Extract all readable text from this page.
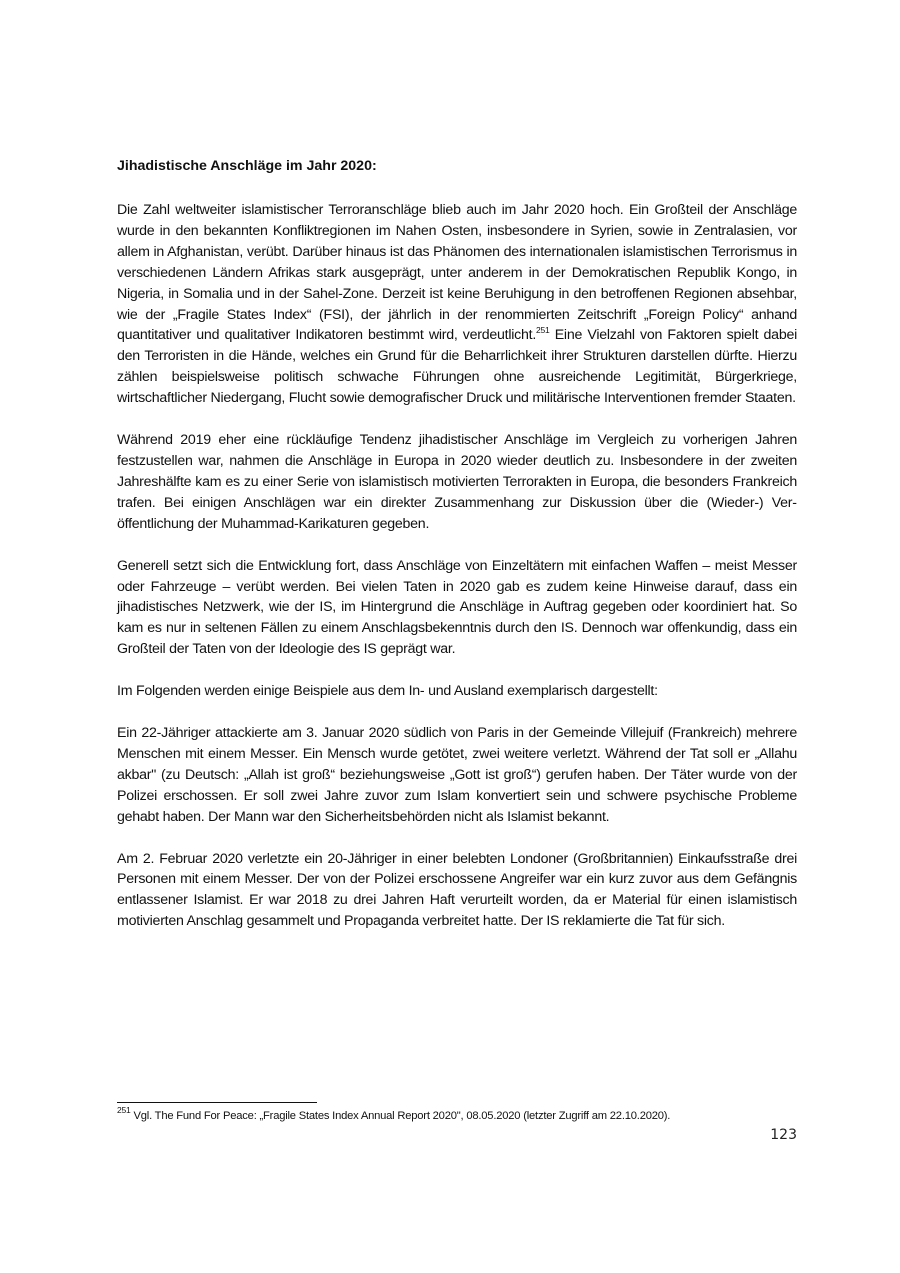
Jihadistische Anschläge im Jahr 2020:

Die Zahl weltweiter islamistischer Terroranschläge blieb auch im Jahr 2020 hoch. Ein Großteil der Anschläge wurde in den bekannten Konfliktregionen im Nahen Osten, insbesondere in Syrien, sowie in Zentralasien, vor allem in Afghanistan, verübt. Darüber hinaus ist das Phänomen des internationalen islamistischen Terrorismus in verschiedenen Ländern Afrikas stark ausgeprägt, unter anderem in der Demokratischen Republik Kongo, in Nigeria, in Somalia und in der Sahel-Zone. Derzeit ist keine Beruhigung in den betroffenen Regionen absehbar, wie der „Fragile States Index“ (FSI), der jährlich in der renommierten Zeitschrift „Foreign Policy“ anhand quantitativer und qualitativer Indikatoren bestimmt wird, verdeutlicht.$^{251}$ Eine Vielzahl von Faktoren spielt dabei den Terroristen in die Hände, welches ein Grund für die Beharrlichkeit ihrer Strukturen darstellen dürfte. Hierzu zählen beispielsweise politisch schwache Führungen ohne ausreichende Legitimität, Bürgerkriege, wirtschaftlicher Niedergang, Flucht sowie demografischer Druck und militärische Interventionen fremder Staaten.

Während 2019 eher eine rückläufige Tendenz jihadistischer Anschläge im Vergleich zu vorherigen Jahren festzustellen war, nahmen die Anschläge in Europa in 2020 wieder deutlich zu. Insbesondere in der zweiten Jahreshälfte kam es zu einer Serie von islamistisch motivierten Terrorakten in Europa, die besonders Frankreich trafen. Bei einigen Anschlägen war ein direkter Zusammenhang zur Diskussion über die (Wieder-) Veröffentlichung der Muhammad-Karikaturen gegeben.

Generell setzt sich die Entwicklung fort, dass Anschläge von Einzeltätern mit einfachen Waffen – meist Messer oder Fahrzeuge – verübt werden. Bei vielen Taten in 2020 gab es zudem keine Hinweise darauf, dass ein jihadistisches Netzwerk, wie der IS, im Hintergrund die Anschläge in Auftrag gegeben oder koordiniert hat. So kam es nur in seltenen Fällen zu einem Anschlagsbekenntnis durch den IS. Dennoch war offenkundig, dass ein Großteil der Taten von der Ideologie des IS geprägt war.

Im Folgenden werden einige Beispiele aus dem In- und Ausland exemplarisch dargestellt:

Ein 22-Jähriger attackierte am 3. Januar 2020 südlich von Paris in der Gemeinde Villejuif (Frankreich) mehrere Menschen mit einem Messer. Ein Mensch wurde getötet, zwei weitere verletzt. Während der Tat soll er „Allahu akbar" (zu Deutsch: „Allah ist groß“ beziehungsweise „Gott ist groß“) gerufen haben. Der Täter wurde von der Polizei erschossen. Er soll zwei Jahre zuvor zum Islam konvertiert sein und schwere psychische Probleme gehabt haben. Der Mann war den Sicherheitsbehörden nicht als Islamist bekannt.

Am 2. Februar 2020 verletzte ein 20-Jähriger in einer belebten Londoner (Großbritannien) Einkaufsstraße drei Personen mit einem Messer. Der von der Polizei erschossene Angreifer war ein kurz zuvor aus dem Gefängnis entlassener Islamist. Er war 2018 zu drei Jahren Haft verurteilt worden, da er Material für einen islamistisch motivierten Anschlag gesammelt und Propaganda verbreitet hatte. Der IS reklamierte die Tat für sich.

$^{251}$ Vgl. The Fund For Peace: „Fragile States Index Annual Report 2020", 08.05.2020 (letzter Zugriff am 22.10.2020).
123
